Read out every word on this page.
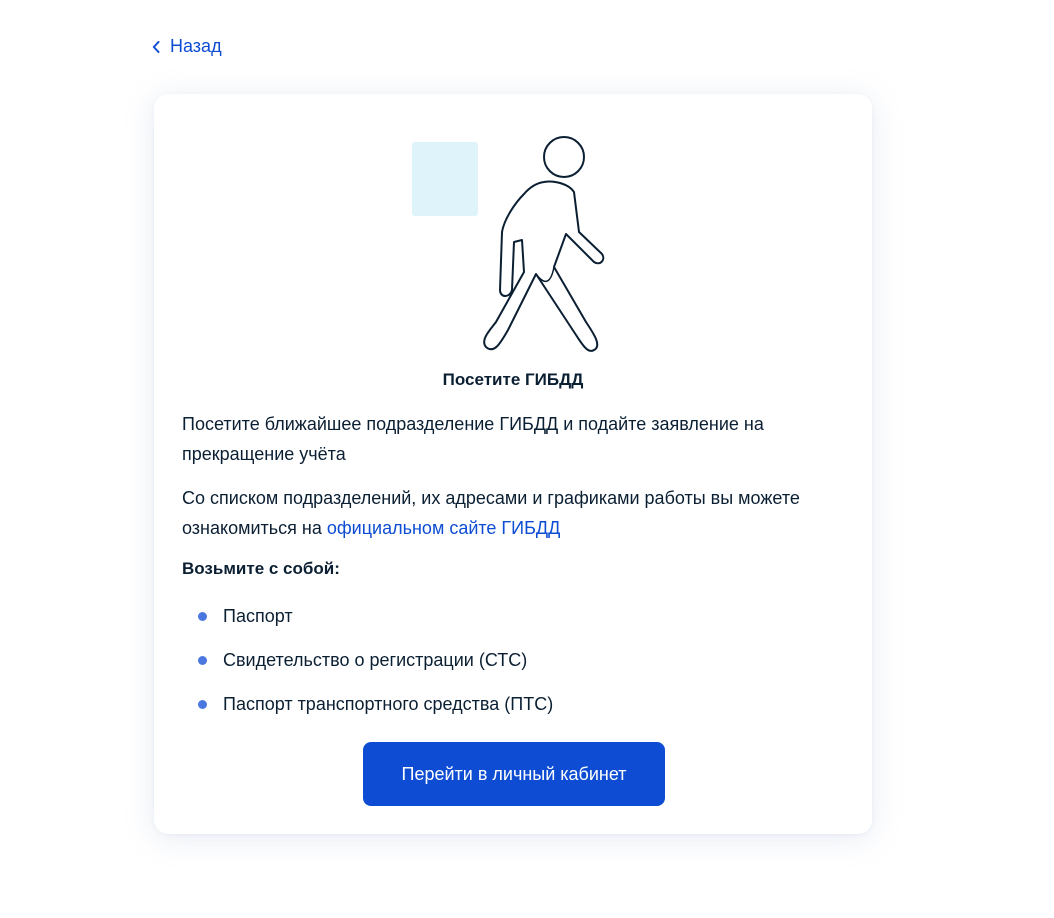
Назад
Посетите ГИБДД
Посетите ближайшее подразделение ГИБДД и подайте заявление на прекращение учёта
Со списком подразделений, их адресами и графиками работы вы можете ознакомиться на официальном сайте ГИБДД
Возьмите с собой:
Паспорт
Свидетельство о регистрации (СТС)
Паспорт транспортного средства (ПТС)
Перейти в личный кабинет
